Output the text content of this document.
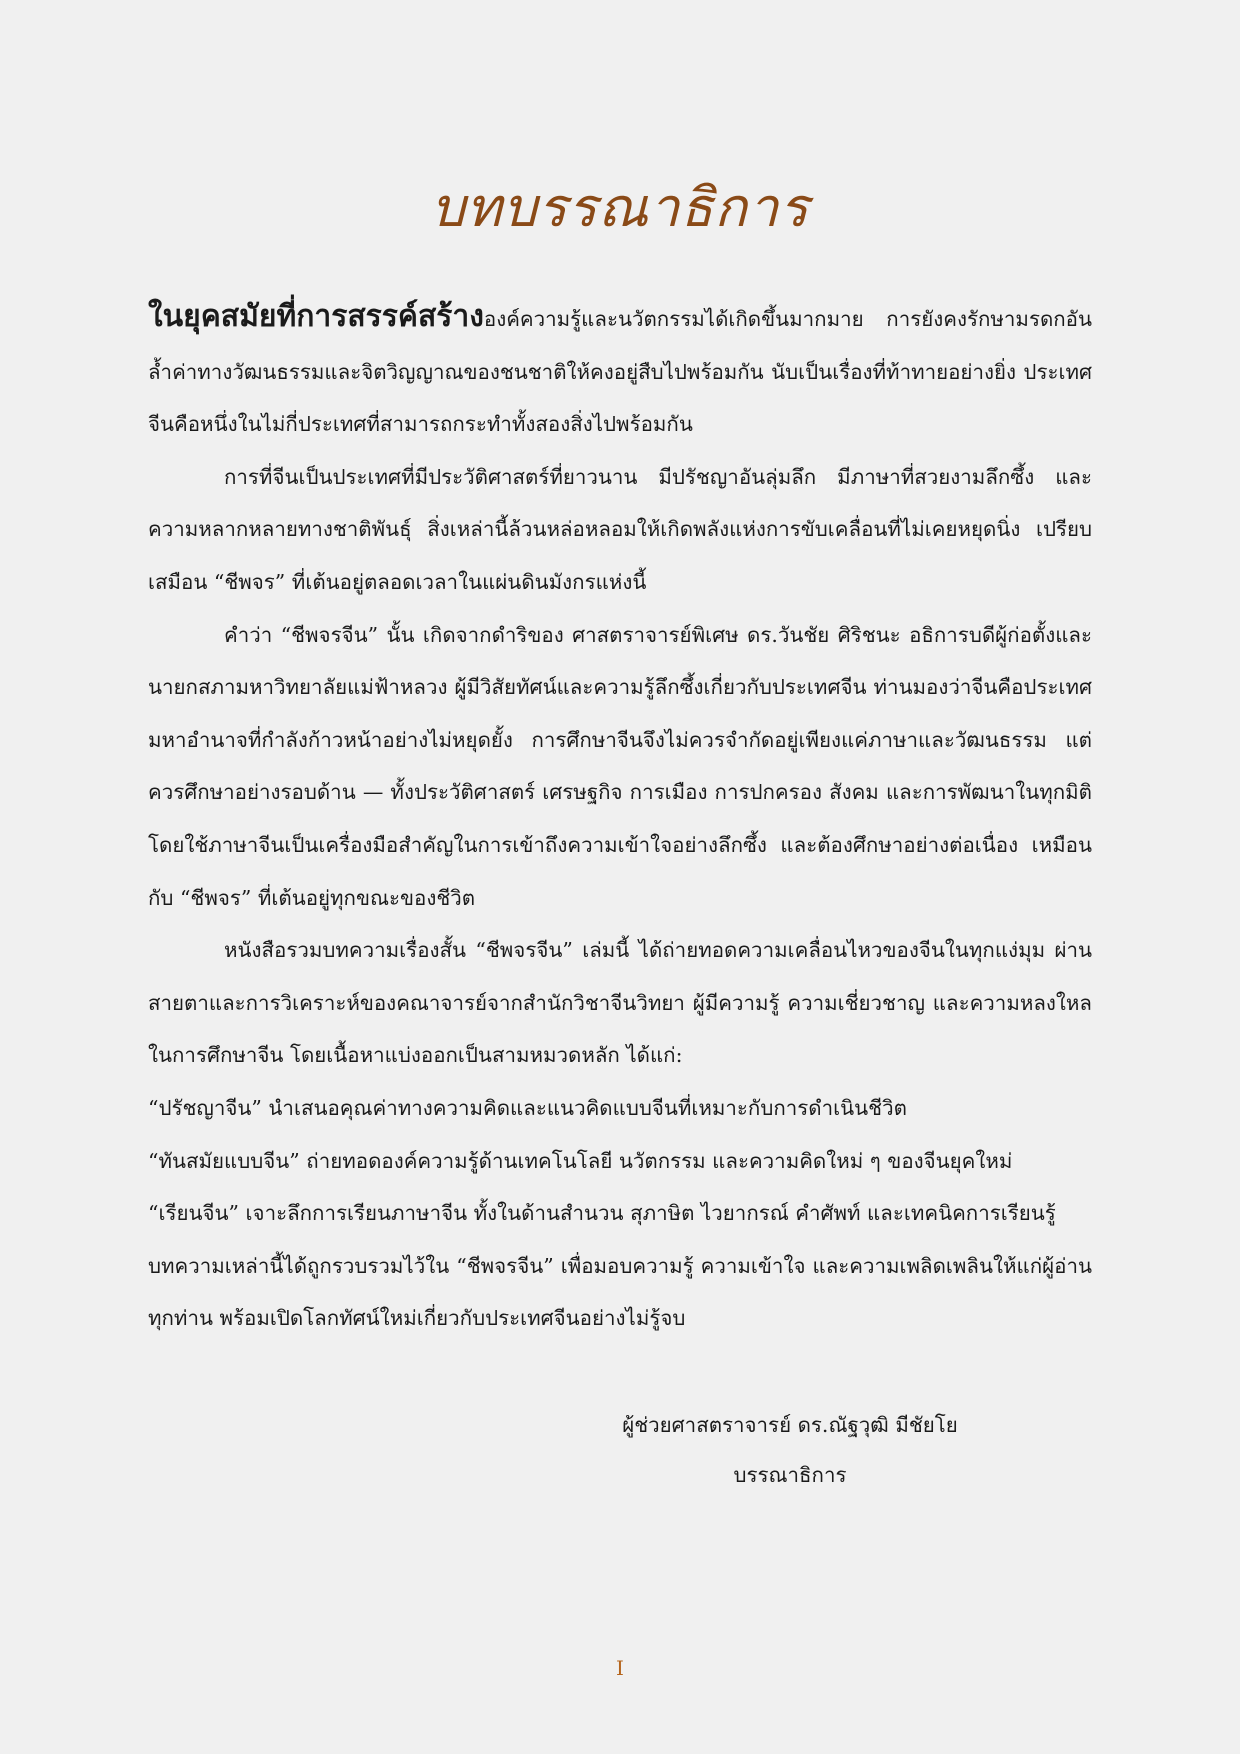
บทบรรณาธิการ

ในยุคสมัยที่การสรรค์สร้างองค์ความรู้และนวัตกรรมได้เกิดขึ้นมากมาย การยังคงรักษามรดกอันล้ำค่าทางวัฒนธรรมและจิตวิญญาณของชนชาติให้คงอยู่สืบไปพร้อมกัน นับเป็นเรื่องที่ท้าทายอย่างยิ่ง ประเทศจีนคือหนึ่งในไม่กี่ประเทศที่สามารถกระทำทั้งสองสิ่งไปพร้อมกัน

การที่จีนเป็นประเทศที่มีประวัติศาสตร์ที่ยาวนาน มีปรัชญาอันลุ่มลึก มีภาษาที่สวยงามลึกซึ้ง และความหลากหลายทางชาติพันธุ์ สิ่งเหล่านี้ล้วนหล่อหลอมให้เกิดพลังแห่งการขับเคลื่อนที่ไม่เคยหยุดนิ่ง เปรียบเสมือน “ชีพจร” ที่เต้นอยู่ตลอดเวลาในแผ่นดินมังกรแห่งนี้

คำว่า “ชีพจรจีน” นั้น เกิดจากดำริของ ศาสตราจารย์พิเศษ ดร.วันชัย ศิริชนะ อธิการบดีผู้ก่อตั้งและนายกสภามหาวิทยาลัยแม่ฟ้าหลวง ผู้มีวิสัยทัศน์และความรู้ลึกซึ้งเกี่ยวกับประเทศจีน ท่านมองว่าจีนคือประเทศมหาอำนาจที่กำลังก้าวหน้าอย่างไม่หยุดยั้ง การศึกษาจีนจึงไม่ควรจำกัดอยู่เพียงแค่ภาษาและวัฒนธรรม แต่ควรศึกษาอย่างรอบด้าน — ทั้งประวัติศาสตร์ เศรษฐกิจ การเมือง การปกครอง สังคม และการพัฒนาในทุกมิติ โดยใช้ภาษาจีนเป็นเครื่องมือสำคัญในการเข้าถึงความเข้าใจอย่างลึกซึ้ง และต้องศึกษาอย่างต่อเนื่อง เหมือนกับ “ชีพจร” ที่เต้นอยู่ทุกขณะของชีวิต

หนังสือรวมบทความเรื่องสั้น “ชีพจรจีน” เล่มนี้ ได้ถ่ายทอดความเคลื่อนไหวของจีนในทุกแง่มุม ผ่านสายตาและการวิเคราะห์ของคณาจารย์จากสำนักวิชาจีนวิทยา ผู้มีความรู้ ความเชี่ยวชาญ และความหลงใหลในการศึกษาจีน โดยเนื้อหาแบ่งออกเป็นสามหมวดหลัก ได้แก่:

“ปรัชญาจีน” นำเสนอคุณค่าทางความคิดและแนวคิดแบบจีนที่เหมาะกับการดำเนินชีวิต

“ทันสมัยแบบจีน” ถ่ายทอดองค์ความรู้ด้านเทคโนโลยี นวัตกรรม และความคิดใหม่ ๆ ของจีนยุคใหม่

“เรียนจีน” เจาะลึกการเรียนภาษาจีน ทั้งในด้านสำนวน สุภาษิต ไวยากรณ์ คำศัพท์ และเทคนิคการเรียนรู้

บทความเหล่านี้ได้ถูกรวบรวมไว้ใน “ชีพจรจีน” เพื่อมอบความรู้ ความเข้าใจ และความเพลิดเพลินให้แก่ผู้อ่านทุกท่าน พร้อมเปิดโลกทัศน์ใหม่เกี่ยวกับประเทศจีนอย่างไม่รู้จบ

ผู้ช่วยศาสตราจารย์ ดร.ณัฐวุฒิ มีชัยโย
บรรณาธิการ
I
